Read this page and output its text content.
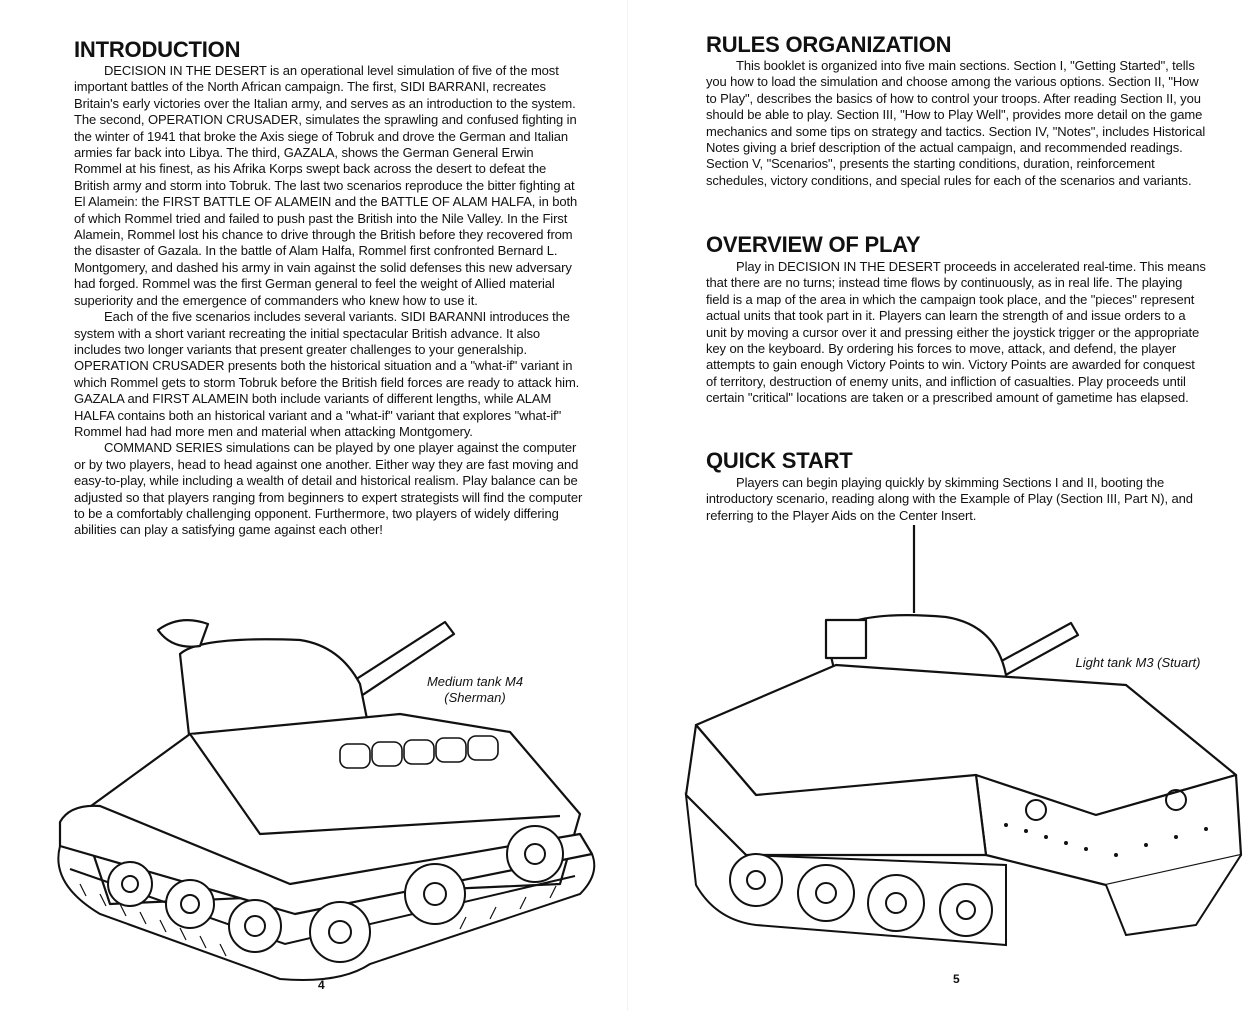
INTRODUCTION

DECISION IN THE DESERT is an operational level simulation of five of the most important battles of the North African campaign. The first, SIDI BARRANI, recreates Britain's early victories over the Italian army, and serves as an introduction to the system. The second, OPERATION CRUSADER, simulates the sprawling and confused fighting in the winter of 1941 that broke the Axis siege of Tobruk and drove the German and Italian armies far back into Libya. The third, GAZALA, shows the German General Erwin Rommel at his finest, as his Afrika Korps swept back across the desert to defeat the British army and storm into Tobruk. The last two scenarios reproduce the bitter fighting at El Alamein: the FIRST BATTLE OF ALAMEIN and the BATTLE OF ALAM HALFA, in both of which Rommel tried and failed to push past the British into the Nile Valley. In the First Alamein, Rommel lost his chance to drive through the British before they recovered from the disaster of Gazala. In the battle of Alam Halfa, Rommel first confronted Bernard L. Montgomery, and dashed his army in vain against the solid defenses this new adversary had forged. Rommel was the first German general to feel the weight of Allied material superiority and the emergence of commanders who knew how to use it.

Each of the five scenarios includes several variants. SIDI BARANNI introduces the system with a short variant recreating the initial spectacular British advance. It also includes two longer variants that present greater challenges to your generalship. OPERATION CRUSADER presents both the historical situation and a "what-if" variant in which Rommel gets to storm Tobruk before the British field forces are ready to attack him. GAZALA and FIRST ALAMEIN both include variants of different lengths, while ALAM HALFA contains both an historical variant and a "what-if" variant that explores "what-if" Rommel had had more men and material when attacking Montgomery.

COMMAND SERIES simulations can be played by one player against the computer or by two players, head to head against one another. Either way they are fast moving and easy-to-play, while including a wealth of detail and historical realism. Play balance can be adjusted so that players ranging from beginners to expert strategists will find the computer to be a comfortably challenging opponent. Furthermore, two players of widely differing abilities can play a satisfying game against each other!

Medium tank M4
(Sherman)
4
RULES ORGANIZATION

This booklet is organized into five main sections. Section I, "Getting Started", tells you how to load the simulation and choose among the various options. Section II, "How to Play", describes the basics of how to control your troops. After reading Section II, you should be able to play. Section III, "How to Play Well", provides more detail on the game mechanics and some tips on strategy and tactics. Section IV, "Notes", includes Historical Notes giving a brief description of the actual campaign, and recommended readings. Section V, "Scenarios", presents the starting conditions, duration, reinforcement schedules, victory conditions, and special rules for each of the scenarios and variants.

OVERVIEW OF PLAY

Play in DECISION IN THE DESERT proceeds in accelerated real-time. This means that there are no turns; instead time flows by continuously, as in real life. The playing field is a map of the area in which the campaign took place, and the "pieces" represent actual units that took part in it. Players can learn the strength of and issue orders to a unit by moving a cursor over it and pressing either the joystick trigger or the appropriate key on the keyboard. By ordering his forces to move, attack, and defend, the player attempts to gain enough Victory Points to win. Victory Points are awarded for conquest of territory, destruction of enemy units, and infliction of casualties. Play proceeds until certain "critical" locations are taken or a prescribed amount of gametime has elapsed.

QUICK START

Players can begin playing quickly by skimming Sections I and II, booting the introductory scenario, reading along with the Example of Play (Section III, Part N), and referring to the Player Aids on the Center Insert.

Light tank M3 (Stuart)
5
